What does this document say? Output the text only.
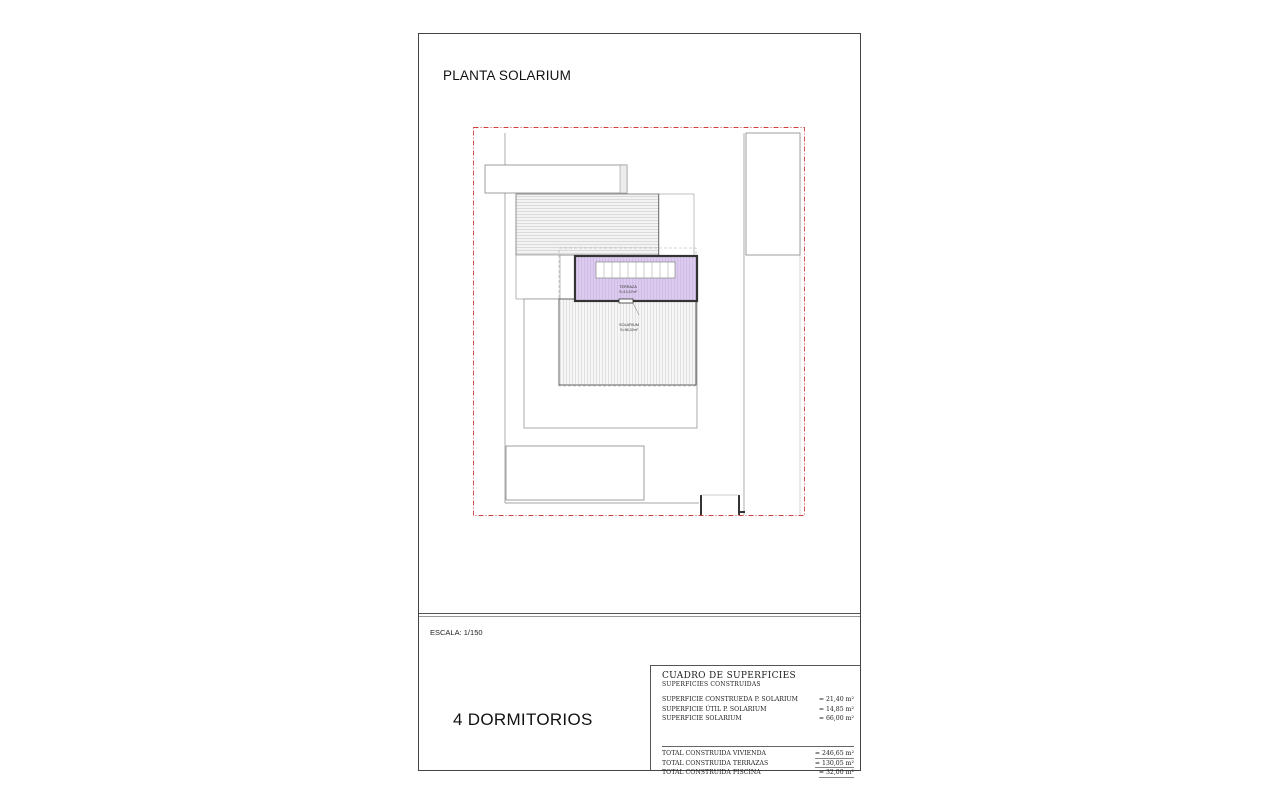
PLANTA SOLARIUM
TERRAZA
S=13,47m²
SOLARIUM
S=96,32m²
ESCALA: 1/150
4 DORMITORIOS
CUADRO DE SUPERFICIES
SUPERFICIES CONSTRUIDAS
SUPERFICIE CONSTRUEDA P. SOLARIUM	= 21,40 m²
SUPERFICIE ÚTIL P. SOLARIUM	= 14,85 m²
SUPERFICIE SOLARIUM	= 66,00 m²
TOTAL CONSTRUIDA VIVIENDA	= 246,65 m²
TOTAL CONSTRUIDA TERRAZAS	= 130,05 m²
TOTAL CONSTRUIDA PISCINA	= 32,00 m²
